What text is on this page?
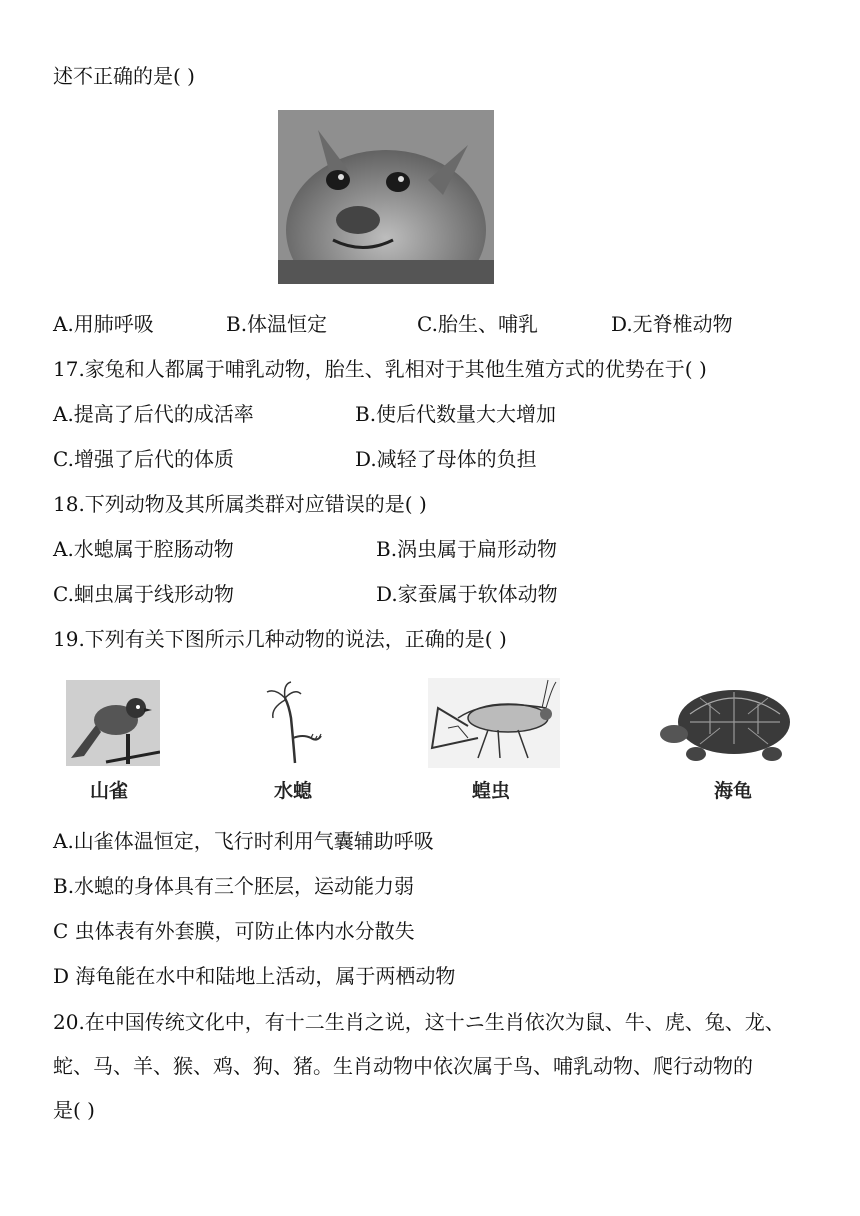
述不正确的是( )
A.用肺呼吸	B.体温恒定	C.胎生、哺乳	D.无脊椎动物
17.家兔和人都属于哺乳动物，胎生、乳相对于其他生殖方式的优势在于( )
A.提高了后代的成活率	B.使后代数量大大增加
C.增强了后代的体质	D.减轻了母体的负担
18.下列动物及其所属类群对应错误的是( )
A.水螅属于腔肠动物	B.涡虫属于扁形动物
C.蛔虫属于线形动物	D.家蚕属于软体动物
19.下列有关下图所示几种动物的说法，正确的是( )
山雀	水螅	蝗虫	海龟
A.山雀体温恒定，飞行时利用气囊辅助呼吸
B.水螅的身体具有三个胚层，运动能力弱
C 虫体表有外套膜，可防止体内水分散失
D 海龟能在水中和陆地上活动，属于两栖动物
20.在中国传统文化中，有十二生肖之说，这十ニ生肖依次为鼠、牛、虎、兔、龙、
蛇、马、羊、猴、鸡、狗、猪。生肖动物中依次属于鸟、哺乳动物、爬行动物的
是( )
